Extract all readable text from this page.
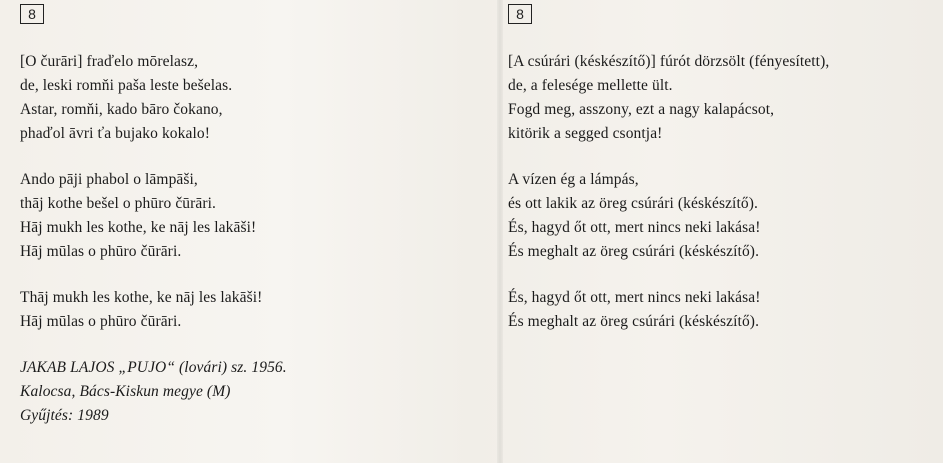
8
[O čurāri] fraďelo mōrelasz,
de, leski romňi paša leste bešelas.
Astar, romňi, kado bāro čokano,
phaďol āvri ťa bujako kokalo!
Ando pāji phabol o lāmpāši,
thāj kothe bešel o phūro čūrāri.
Hāj mukh les kothe, ke nāj les lakāši!
Hāj mūlas o phūro čūrāri.
Thāj mukh les kothe, ke nāj les lakāši!
Hāj mūlas o phūro čūrāri.
JAKAB LAJOS „PUJO“ (lovári) sz. 1956.
Kalocsa, Bács-Kiskun megye (M)
Gyűjtés: 1989
8
[A csúrári (késkészítő)] fúrót dörzsölt (fényesített),
de, a felesége mellette ült.
Fogd meg, asszony, ezt a nagy kalapácsot,
kitörik a segged csontja!
A vízen ég a lámpás,
és ott lakik az öreg csúrári (késkészítő).
És, hagyd őt ott, mert nincs neki lakása!
És meghalt az öreg csúrári (késkészítő).
És, hagyd őt ott, mert nincs neki lakása!
És meghalt az öreg csúrári (késkészítő).
